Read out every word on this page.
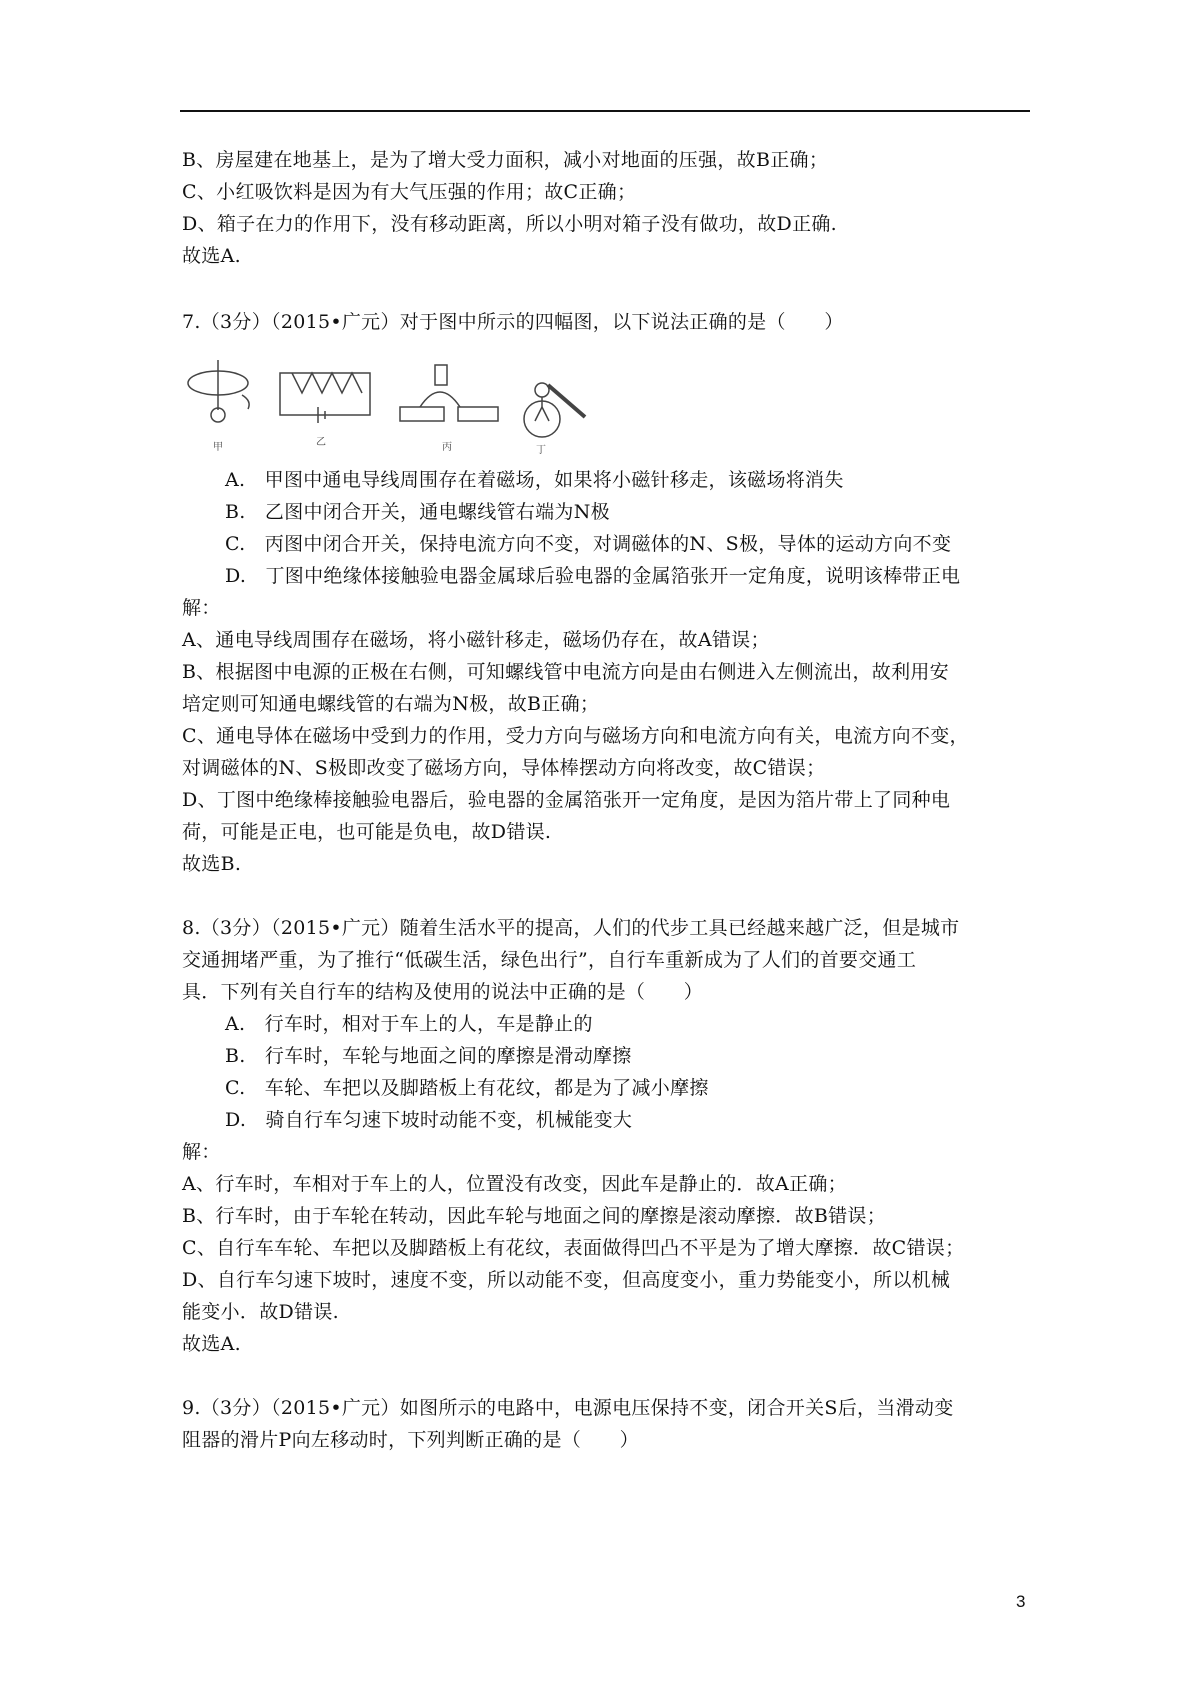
B、房屋建在地基上，是为了增大受力面积，减小对地面的压强，故B正确；
C、小红吸饮料是因为有大气压强的作用；故C正确；
D、箱子在力的作用下，没有移动距离，所以小明对箱子没有做功，故D正确.
故选A.
7.（3分）（2015•广元）对于图中所示的四幅图，以下说法正确的是（　　）
甲	乙	丙	丁
A.　甲图中通电导线周围存在着磁场，如果将小磁针移走，该磁场将消失
B.　乙图中闭合开关，通电螺线管右端为N极
C.　丙图中闭合开关，保持电流方向不变，对调磁体的N、S极，导体的运动方向不变
D.　丁图中绝缘体接触验电器金属球后验电器的金属箔张开一定角度，说明该棒带正电
解：
A、通电导线周围存在磁场，将小磁针移走，磁场仍存在，故A错误；
B、根据图中电源的正极在右侧，可知螺线管中电流方向是由右侧进入左侧流出，故利用安
培定则可知通电螺线管的右端为N极，故B正确；
C、通电导体在磁场中受到力的作用，受力方向与磁场方向和电流方向有关，电流方向不变，
对调磁体的N、S极即改变了磁场方向，导体棒摆动方向将改变，故C错误；
D、丁图中绝缘棒接触验电器后，验电器的金属箔张开一定角度，是因为箔片带上了同种电
荷，可能是正电，也可能是负电，故D错误.
故选B.
8.（3分）（2015•广元）随着生活水平的提高，人们的代步工具已经越来越广泛，但是城市
交通拥堵严重，为了推行“低碳生活，绿色出行”，自行车重新成为了人们的首要交通工
具．下列有关自行车的结构及使用的说法中正确的是（　　）
A.　行车时，相对于车上的人，车是静止的
B.　行车时，车轮与地面之间的摩擦是滑动摩擦
C.　车轮、车把以及脚踏板上有花纹，都是为了减小摩擦
D.　骑自行车匀速下坡时动能不变，机械能变大
解：
A、行车时，车相对于车上的人，位置没有改变，因此车是静止的．故A正确；
B、行车时，由于车轮在转动，因此车轮与地面之间的摩擦是滚动摩擦．故B错误；
C、自行车车轮、车把以及脚踏板上有花纹，表面做得凹凸不平是为了增大摩擦．故C错误；
D、自行车匀速下坡时，速度不变，所以动能不变，但高度变小，重力势能变小，所以机械
能变小．故D错误.
故选A.
9.（3分）（2015•广元）如图所示的电路中，电源电压保持不变，闭合开关S后，当滑动变
阻器的滑片P向左移动时，下列判断正确的是（　　）
3
